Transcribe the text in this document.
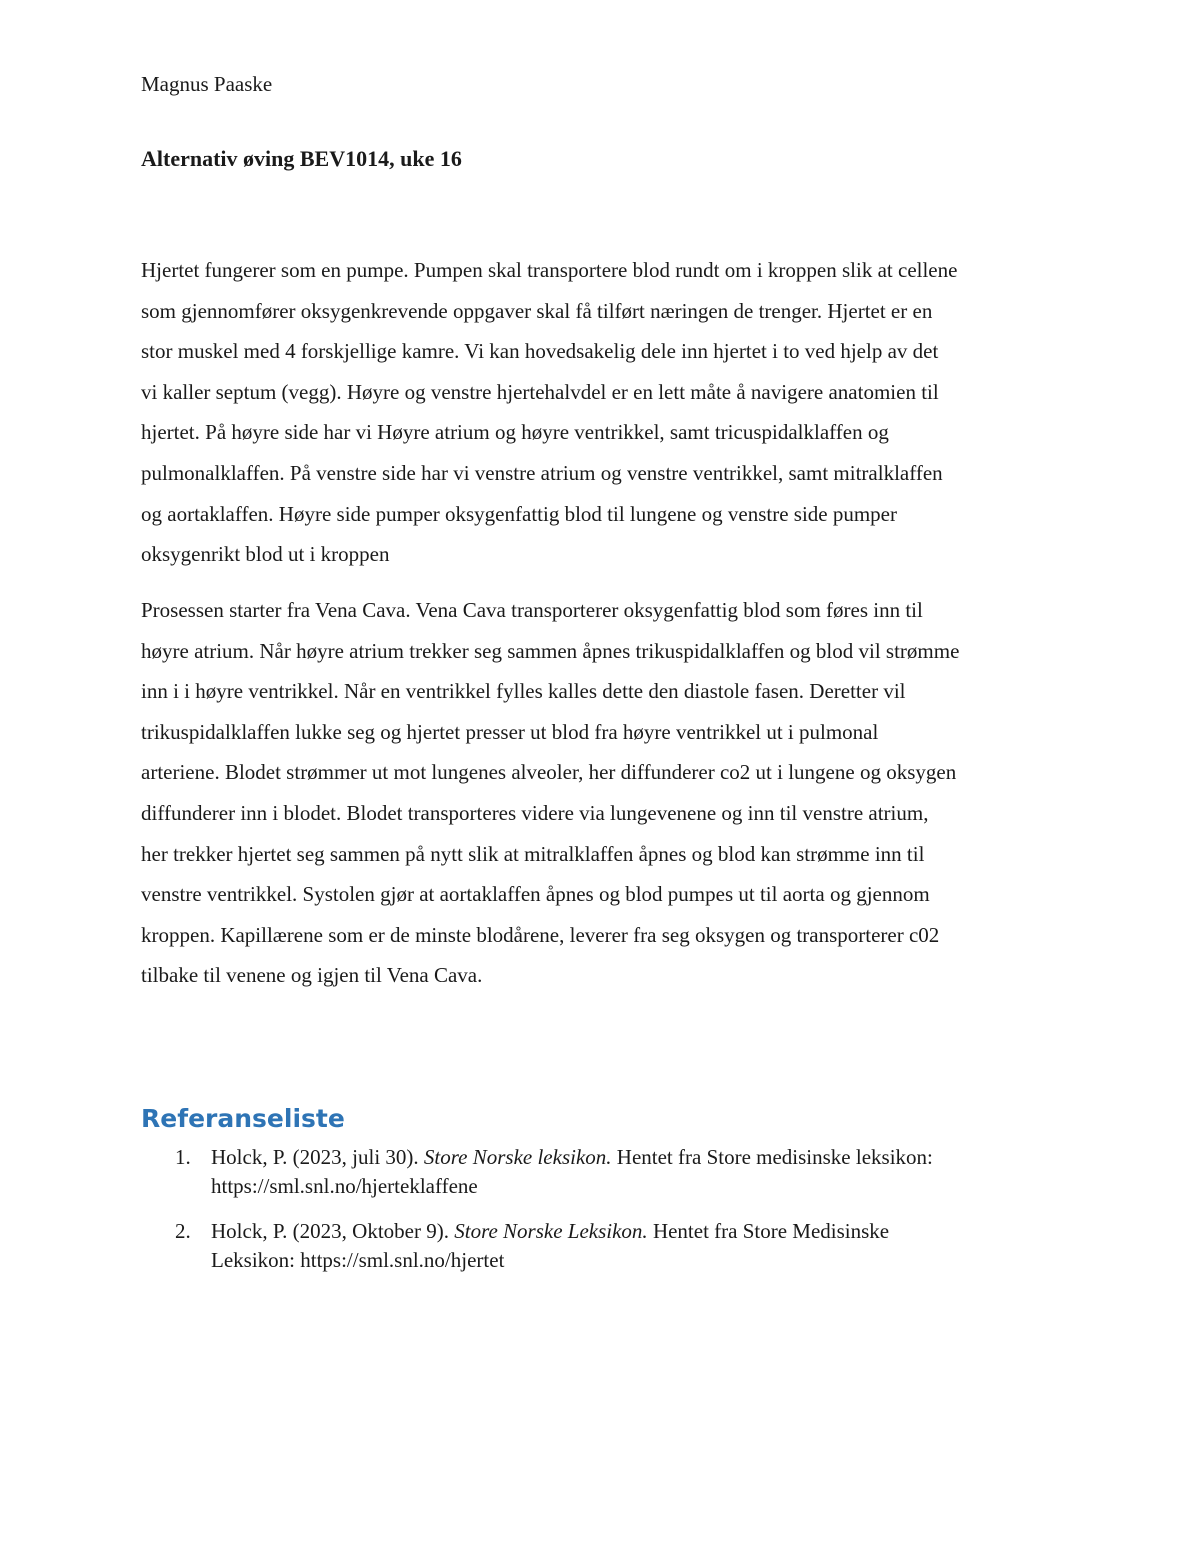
Magnus Paaske
Alternativ øving BEV1014, uke 16

Hjertet fungerer som en pumpe. Pumpen skal transportere blod rundt om i kroppen slik at cellene
som gjennomfører oksygenkrevende oppgaver skal få tilført næringen de trenger. Hjertet er en
stor muskel med 4 forskjellige kamre. Vi kan hovedsakelig dele inn hjertet i to ved hjelp av det
vi kaller septum (vegg). Høyre og venstre hjertehalvdel er en lett måte å navigere anatomien til
hjertet. På høyre side har vi Høyre atrium og høyre ventrikkel, samt tricuspidalklaffen og
pulmonalklaffen. På venstre side har vi venstre atrium og venstre ventrikkel, samt mitralklaffen
og aortaklaffen. Høyre side pumper oksygenfattig blod til lungene og venstre side pumper
oksygenrikt blod ut i kroppen

Prosessen starter fra Vena Cava. Vena Cava transporterer oksygenfattig blod som føres inn til
høyre atrium. Når høyre atrium trekker seg sammen åpnes trikuspidalklaffen og blod vil strømme
inn i i høyre ventrikkel. Når en ventrikkel fylles kalles dette den diastole fasen. Deretter vil
trikuspidalklaffen lukke seg og hjertet presser ut blod fra høyre ventrikkel ut i pulmonal
arteriene. Blodet strømmer ut mot lungenes alveoler, her diffunderer co2 ut i lungene og oksygen
diffunderer inn i blodet. Blodet transporteres videre via lungevenene og inn til venstre atrium,
her trekker hjertet seg sammen på nytt slik at mitralklaffen åpnes og blod kan strømme inn til
venstre ventrikkel. Systolen gjør at aortaklaffen åpnes og blod pumpes ut til aorta og gjennom
kroppen. Kapillærene som er de minste blodårene, leverer fra seg oksygen og transporterer c02
tilbake til venene og igjen til Vena Cava.

Referanseliste
1. Holck, P. (2023, juli 30). Store Norske leksikon. Hentet fra Store medisinske leksikon:
https://sml.snl.no/hjerteklaffene
2. Holck, P. (2023, Oktober 9). Store Norske Leksikon. Hentet fra Store Medisinske
Leksikon: https://sml.snl.no/hjertet
